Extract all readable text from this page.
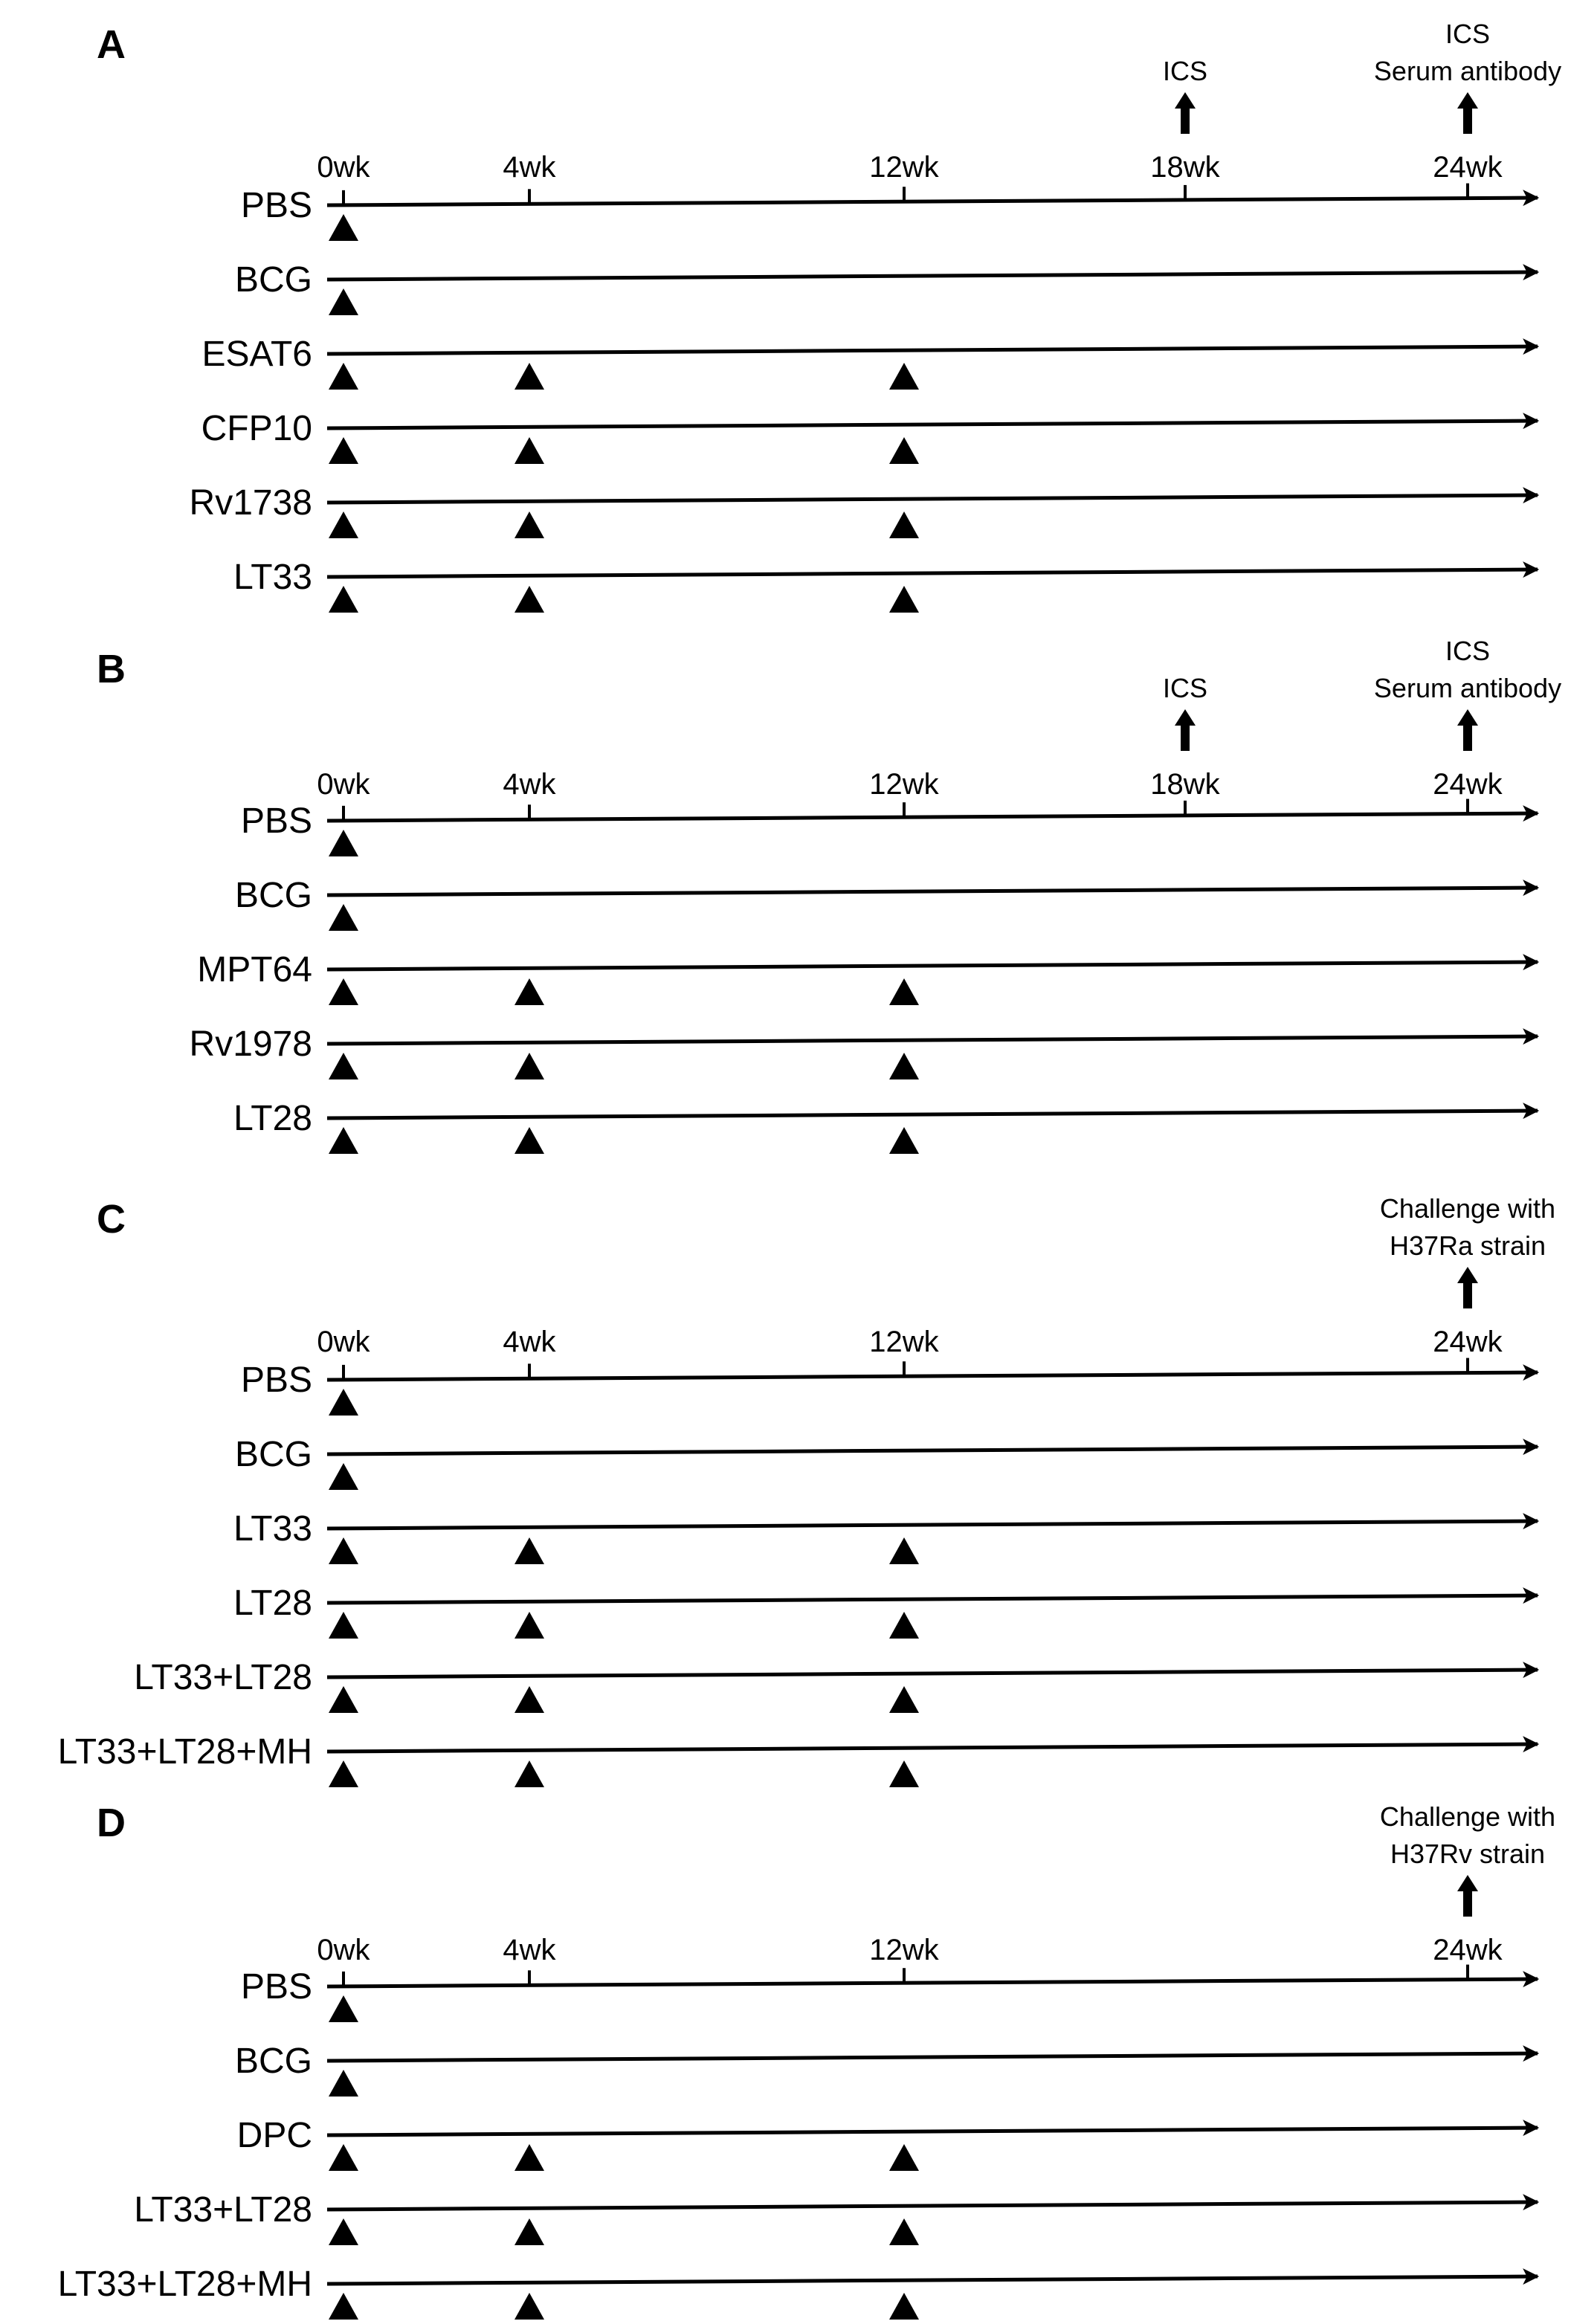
A
0wk	4wk	12wk	18wk	24wk
ICS
ICS
Serum antibody
PBS
BCG
ESAT6
CFP10
Rv1738
LT33
B
0wk	4wk	12wk	18wk	24wk
ICS
ICS
Serum antibody
PBS
BCG
MPT64
Rv1978
LT28
C
0wk	4wk	12wk	24wk
Challenge with
H37Ra strain
PBS
BCG
LT33
LT28
LT33+LT28
LT33+LT28+MH
D
0wk	4wk	12wk	24wk
Challenge with
H37Rv strain
PBS
BCG
DPC
LT33+LT28
LT33+LT28+MH
